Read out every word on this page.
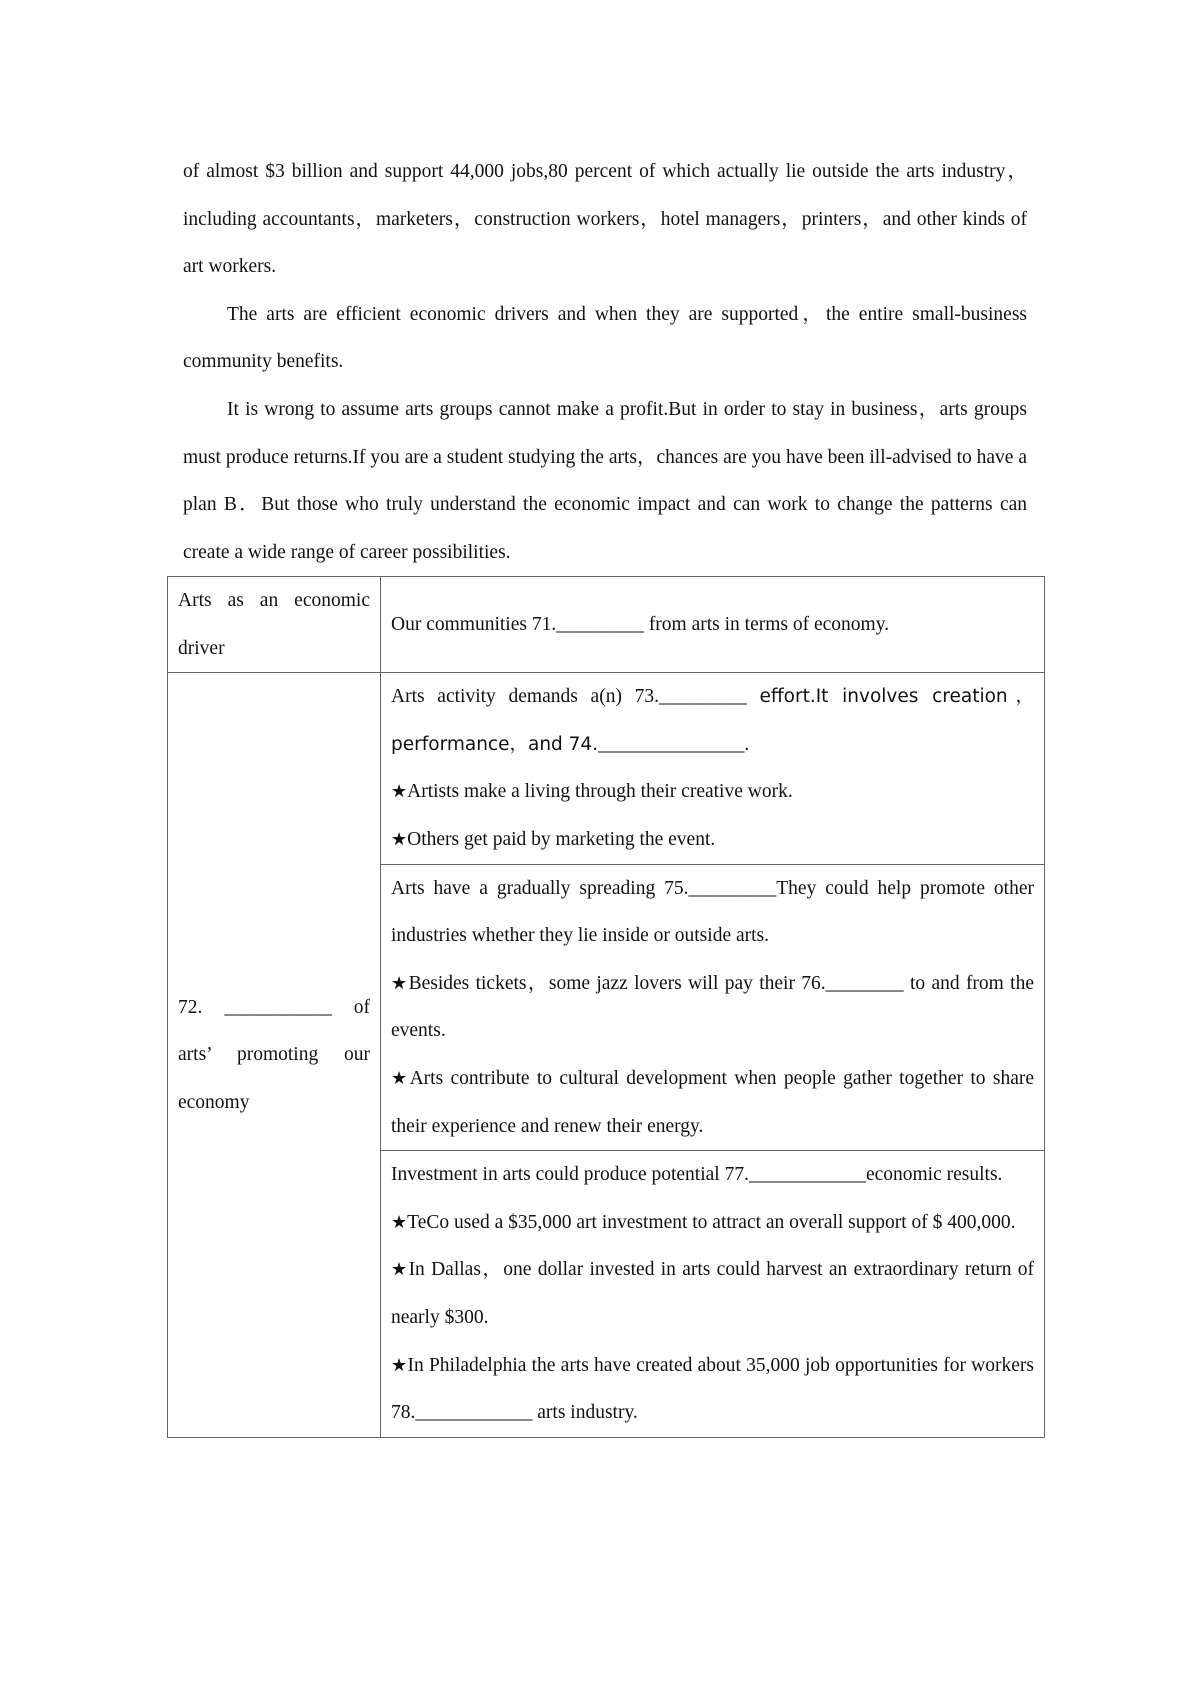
of almost $3 billion and support 44,000 jobs,80 percent of which actually lie outside the arts industry，including accountants，marketers，construction workers，hotel managers，printers，and other kinds of art workers.

The arts are efficient economic drivers and when they are supported，the entire small-business community benefits.

It is wrong to assume arts groups cannot make a profit.But in order to stay in business，arts groups must produce returns.If you are a student studying the arts，chances are you have been ill-advised to have a plan B．But those who truly understand the economic impact and can work to change the patterns can create a wide range of career possibilities.

Arts as an economic driver	Our communities 71._________ from arts in terms of economy.
72. ___________ of arts’ promoting our economy	Arts activity demands a(n) 73._________ effort.It involves creation，performance，and 74._______________.
★Artists make a living through their creative work.
★Others get paid by marketing the event.

	Arts have a gradually spreading 75._________They could help promote other industries whether they lie inside or outside arts.
★Besides tickets，some jazz lovers will pay their 76.________ to and from the events.
★Arts contribute to cultural development when people gather together to share their experience and renew their energy.

	Investment in arts could produce potential 77.____________economic results.
★TeCo used a $35,000 art investment to attract an overall support of $ 400,000.
★In Dallas，one dollar invested in arts could harvest an extraordinary return of nearly $300.
★In Philadelphia the arts have created about 35,000 job opportunities for workers 78.____________ arts industry.
